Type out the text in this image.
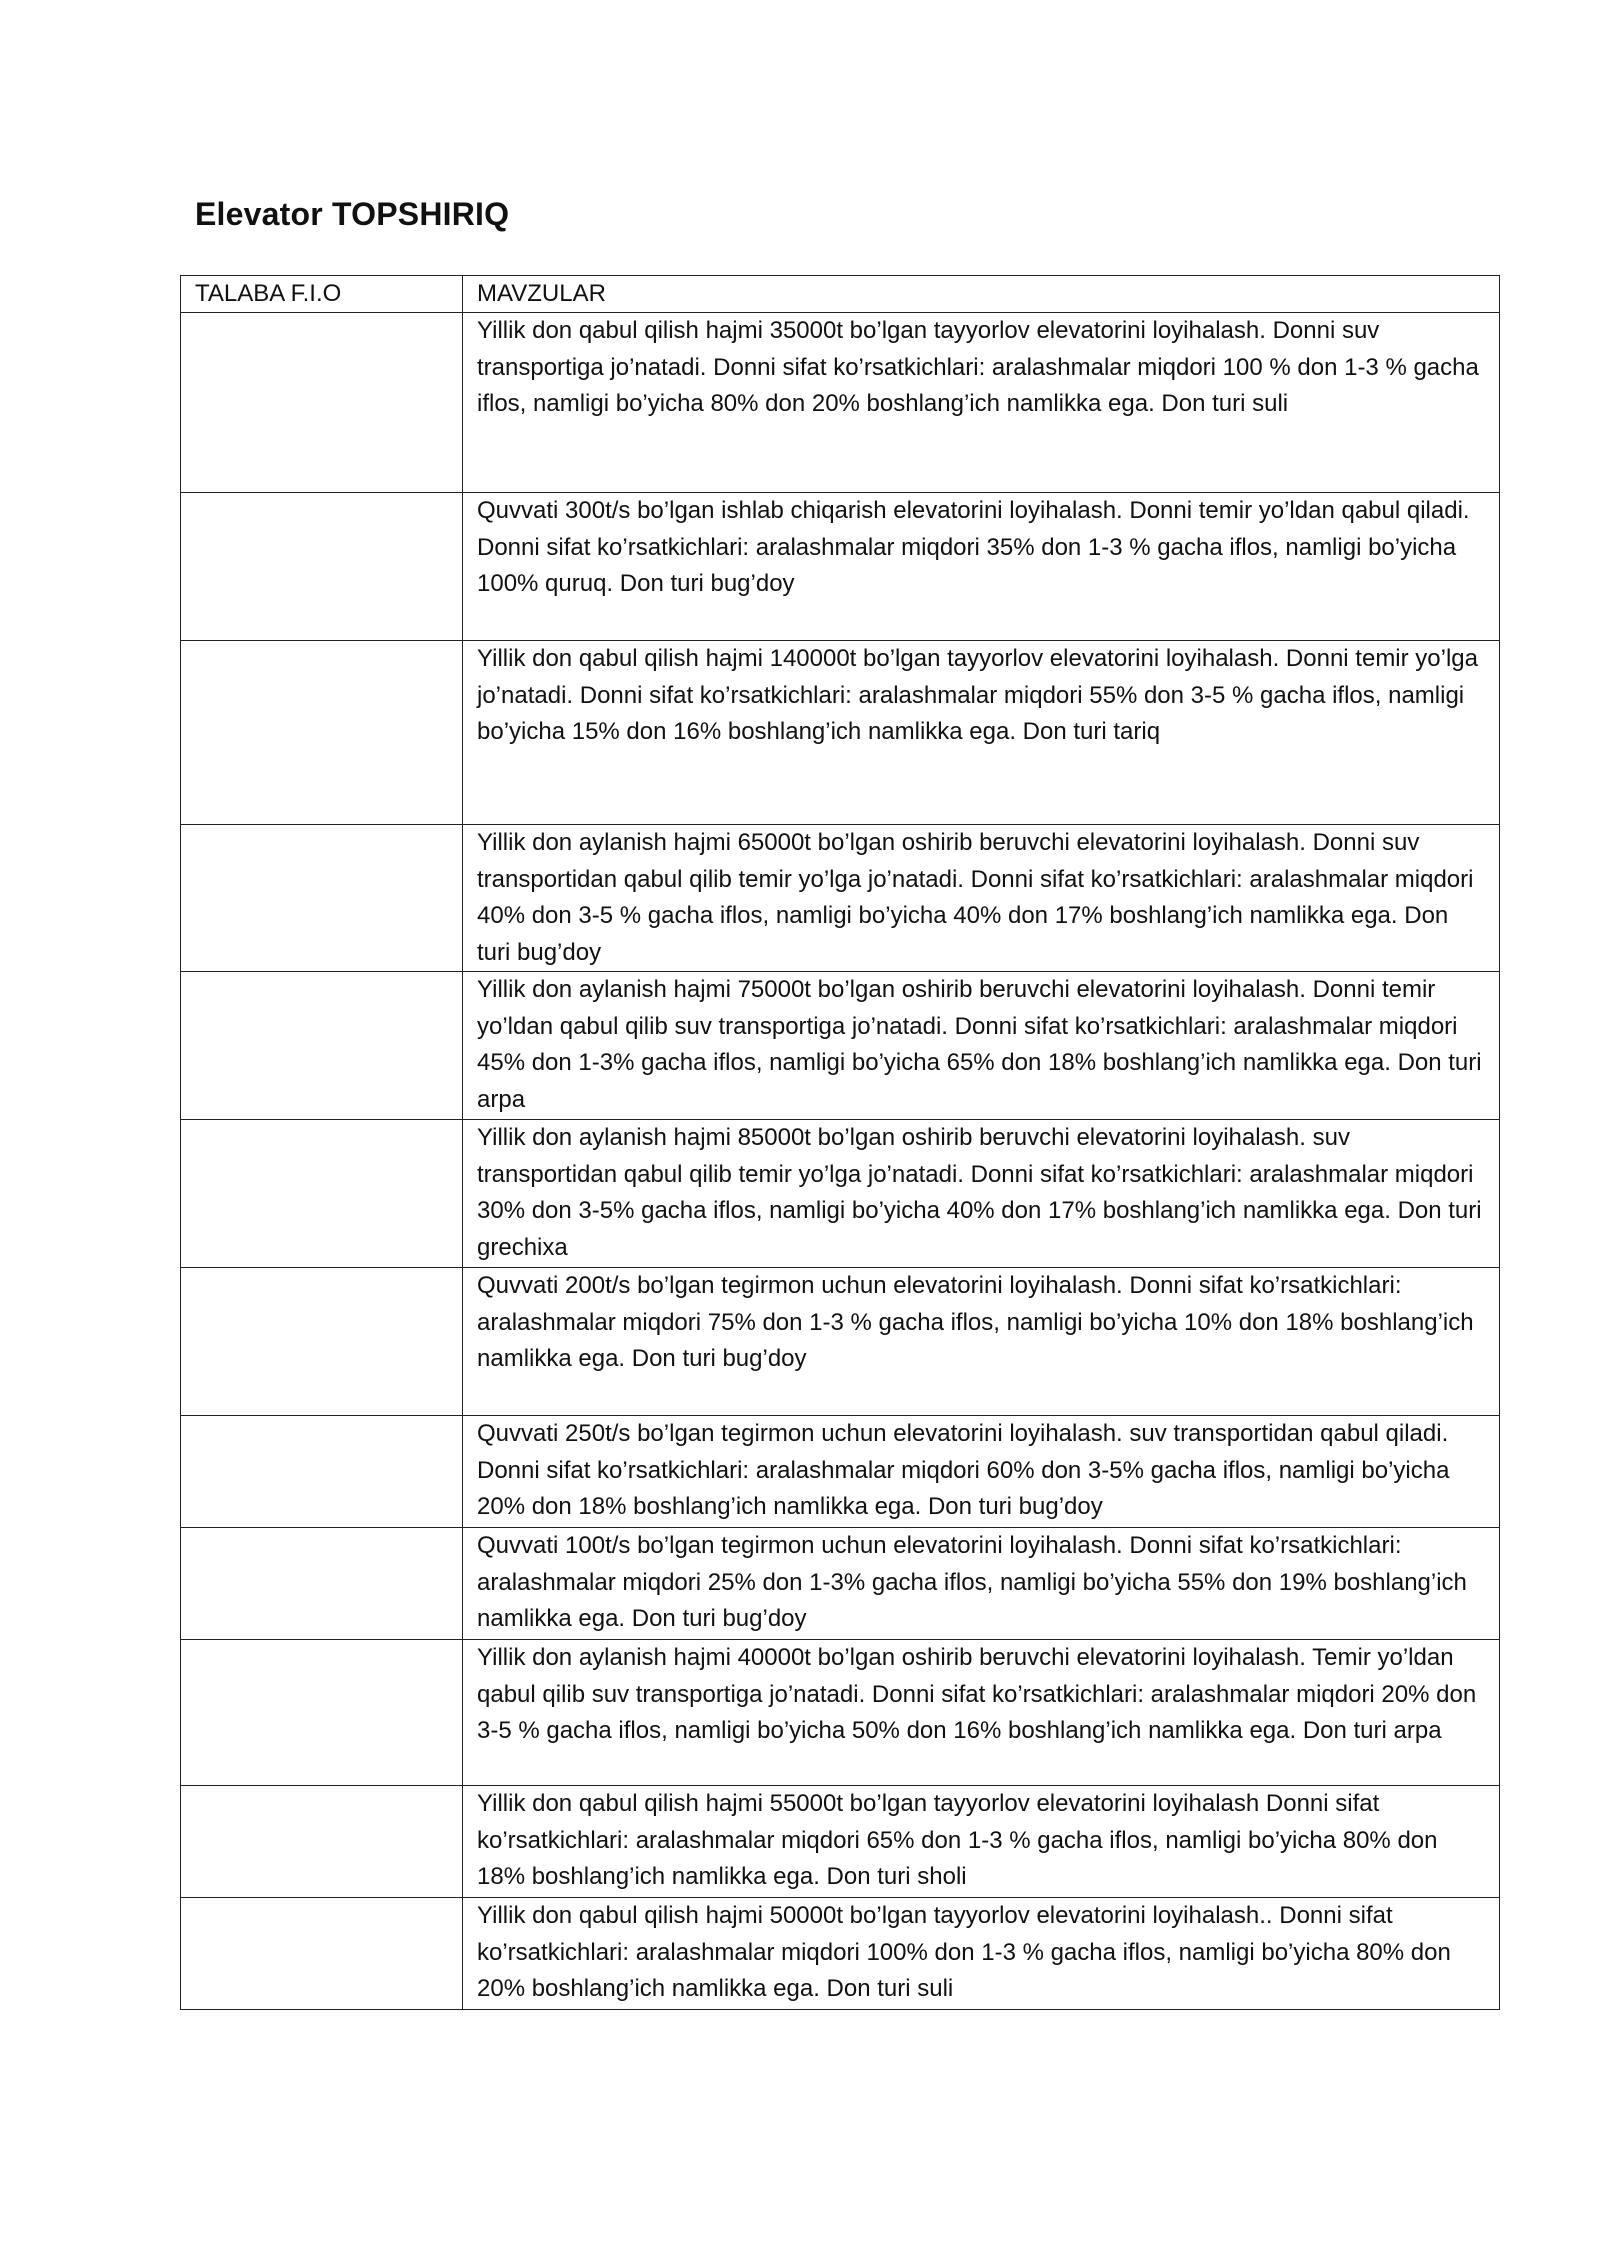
Elevator TOPSHIRIQ
TALABA F.I.O	MAVZULAR
	Yillik don qabul qilish hajmi 35000t bo’lgan tayyorlov elevatorini loyihalash. Donni suv transportiga jo’natadi. Donni sifat ko’rsatkichlari: aralashmalar miqdori 100 % don 1-3 % gacha iflos, namligi bo’yicha 80% don 20% boshlang’ich namlikka ega. Don turi suli
	Quvvati 300t/s bo’lgan ishlab chiqarish elevatorini loyihalash. Donni temir yo’ldan qabul qiladi. Donni sifat ko’rsatkichlari: aralashmalar miqdori 35% don 1-3 % gacha iflos, namligi bo’yicha 100% quruq. Don turi bug’doy
	Yillik don qabul qilish hajmi 140000t bo’lgan tayyorlov elevatorini loyihalash. Donni temir yo’lga jo’natadi. Donni sifat ko’rsatkichlari: aralashmalar miqdori 55% don 3-5 % gacha iflos, namligi bo’yicha 15% don 16% boshlang’ich namlikka ega. Don turi tariq
	Yillik don aylanish hajmi 65000t bo’lgan oshirib beruvchi elevatorini loyihalash. Donni suv transportidan qabul qilib temir yo’lga jo’natadi. Donni sifat ko’rsatkichlari: aralashmalar miqdori 40% don 3-5 % gacha iflos, namligi bo’yicha 40% don 17% boshlang’ich namlikka ega. Don turi bug’doy
	Yillik don aylanish hajmi 75000t bo’lgan oshirib beruvchi elevatorini loyihalash. Donni temir yo’ldan qabul qilib suv transportiga jo’natadi. Donni sifat ko’rsatkichlari: aralashmalar miqdori 45% don 1-3% gacha iflos, namligi bo’yicha 65% don 18% boshlang’ich namlikka ega. Don turi arpa
	Yillik don aylanish hajmi 85000t bo’lgan oshirib beruvchi elevatorini loyihalash. suv transportidan qabul qilib temir yo’lga jo’natadi. Donni sifat ko’rsatkichlari: aralashmalar miqdori 30% don 3-5% gacha iflos, namligi bo’yicha 40% don 17% boshlang’ich namlikka ega. Don turi grechixa
	Quvvati 200t/s bo’lgan tegirmon uchun elevatorini loyihalash. Donni sifat ko’rsatkichlari: aralashmalar miqdori 75% don 1-3 % gacha iflos, namligi bo’yicha 10% don 18% boshlang’ich namlikka ega. Don turi bug’doy
	Quvvati 250t/s bo’lgan tegirmon uchun elevatorini loyihalash. suv transportidan qabul qiladi. Donni sifat ko’rsatkichlari: aralashmalar miqdori 60% don 3-5% gacha iflos, namligi bo’yicha 20% don 18% boshlang’ich namlikka ega. Don turi bug’doy
	Quvvati 100t/s bo’lgan tegirmon uchun elevatorini loyihalash. Donni sifat ko’rsatkichlari: aralashmalar miqdori 25% don 1-3% gacha iflos, namligi bo’yicha 55% don 19% boshlang’ich namlikka ega. Don turi bug’doy
	Yillik don aylanish hajmi 40000t bo’lgan oshirib beruvchi elevatorini loyihalash. Temir yo’ldan qabul qilib suv transportiga jo’natadi. Donni sifat ko’rsatkichlari: aralashmalar miqdori 20% don 3-5 % gacha iflos, namligi bo’yicha 50% don 16% boshlang’ich namlikka ega. Don turi arpa
	Yillik don qabul qilish hajmi 55000t bo’lgan tayyorlov elevatorini loyihalash Donni sifat ko’rsatkichlari: aralashmalar miqdori 65% don 1-3 % gacha iflos, namligi bo’yicha 80% don 18% boshlang’ich namlikka ega. Don turi sholi
	Yillik don qabul qilish hajmi 50000t bo’lgan tayyorlov elevatorini loyihalash.. Donni sifat ko’rsatkichlari: aralashmalar miqdori 100% don 1-3 % gacha iflos, namligi bo’yicha 80% don 20% boshlang’ich namlikka ega. Don turi suli
